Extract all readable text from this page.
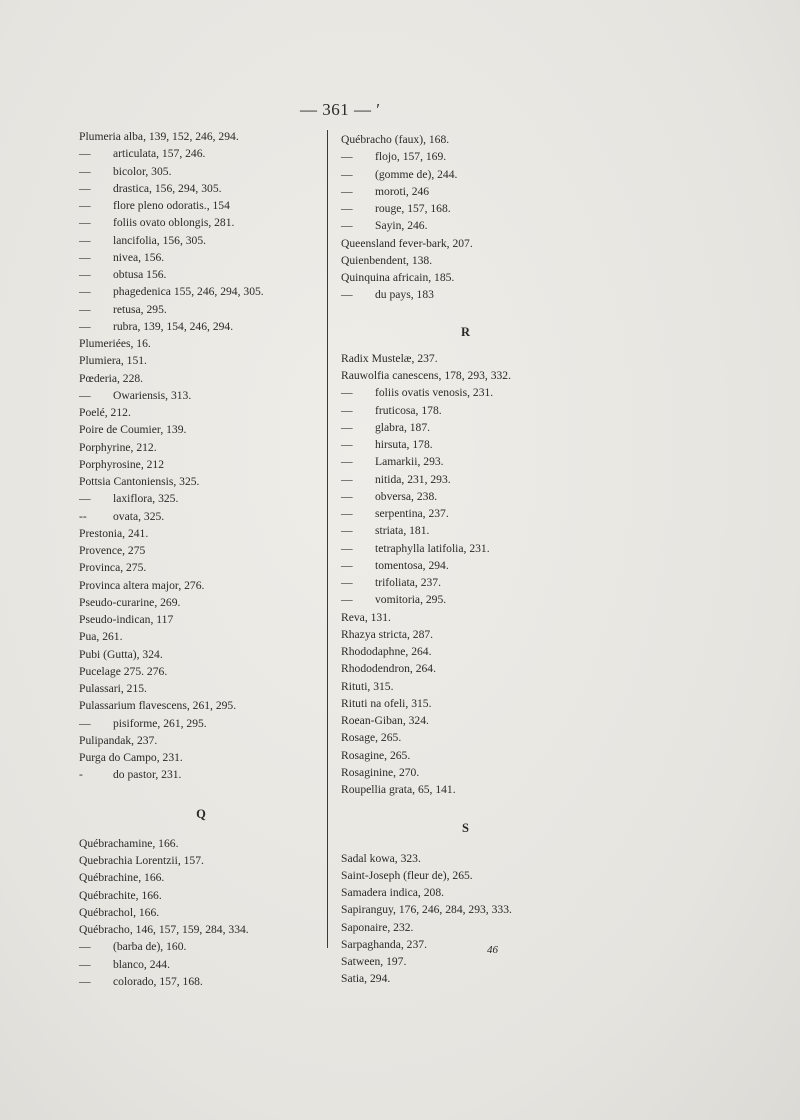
— 361 — ′
Plumeria alba, 139, 152, 246, 294.
— articulata, 157, 246.
— bicolor, 305.
— drastica, 156, 294, 305.
— flore pleno odoratis., 154
— foliis ovato oblongis, 281.
— lancifolia, 156, 305.
— nivea, 156.
— obtusa 156.
— phagedenica 155, 246, 294, 305.
— retusa, 295.
— rubra, 139, 154, 246, 294.
Plumeriées, 16.
Plumiera, 151.
Pœderia, 228.
— Owariensis, 313.
Poelé, 212.
Poire de Coumier, 139.
Porphyrine, 212.
Porphyrosine, 212
Pottsia Cantoniensis, 325.
— laxiflora, 325.
-- ovata, 325.
Prestonia, 241.
Provence, 275
Provinca, 275.
Provinca altera major, 276.
Pseudo-curarine, 269.
Pseudo-indican, 117
Pua, 261.
Pubi (Gutta), 324.
Pucelage 275. 276.
Pulassari, 215.
Pulassarium flavescens, 261, 295.
— pisiforme, 261, 295.
Pulipandak, 237.
Purga do Campo, 231.
-	do pastor, 231.
Q
Québrachamine, 166.
Quebrachia Lorentzii, 157.
Québrachine, 166.
Québrachite, 166.
Québrachol, 166.
Québracho, 146, 157, 159, 284, 334.
— (barba de), 160.
— blanco, 244.
— colorado, 157, 168.
Québracho (faux), 168.
— flojo, 157, 169.
— (gomme de), 244.
— moroti, 246
— rouge, 157, 168.
— Sayin, 246.
Queensland fever-bark, 207.
Quienbendent, 138.
Quinquina africain, 185.
— du pays, 183
R
Radix Mustelæ, 237.
Rauwolfia canescens, 178, 293, 332.
— foliis ovatis venosis, 231.
— fruticosa, 178.
— glabra, 187.
— hirsuta, 178.
— Lamarkii, 293.
— nitida, 231, 293.
— obversa, 238.
— serpentina, 237.
— striata, 181.
— tetraphylla latifolia, 231.
— tomentosa, 294.
— trifoliata, 237.
— vomitoria, 295.
Reva, 131.
Rhazya stricta, 287.
Rhododaphne, 264.
Rhododendron, 264.
Rituti, 315.
Rituti na ofeli, 315.
Roean-Giban, 324.
Rosage, 265.
Rosagine, 265.
Rosaginine, 270.
Roupellia grata, 65, 141.
S
Sadal kowa, 323.
Saint-Joseph (fleur de), 265.
Samadera indica, 208.
Sapiranguy, 176, 246, 284, 293, 333.
Saponaire, 232.
Sarpaghanda, 237.
Satween, 197.
Satia, 294.
46
